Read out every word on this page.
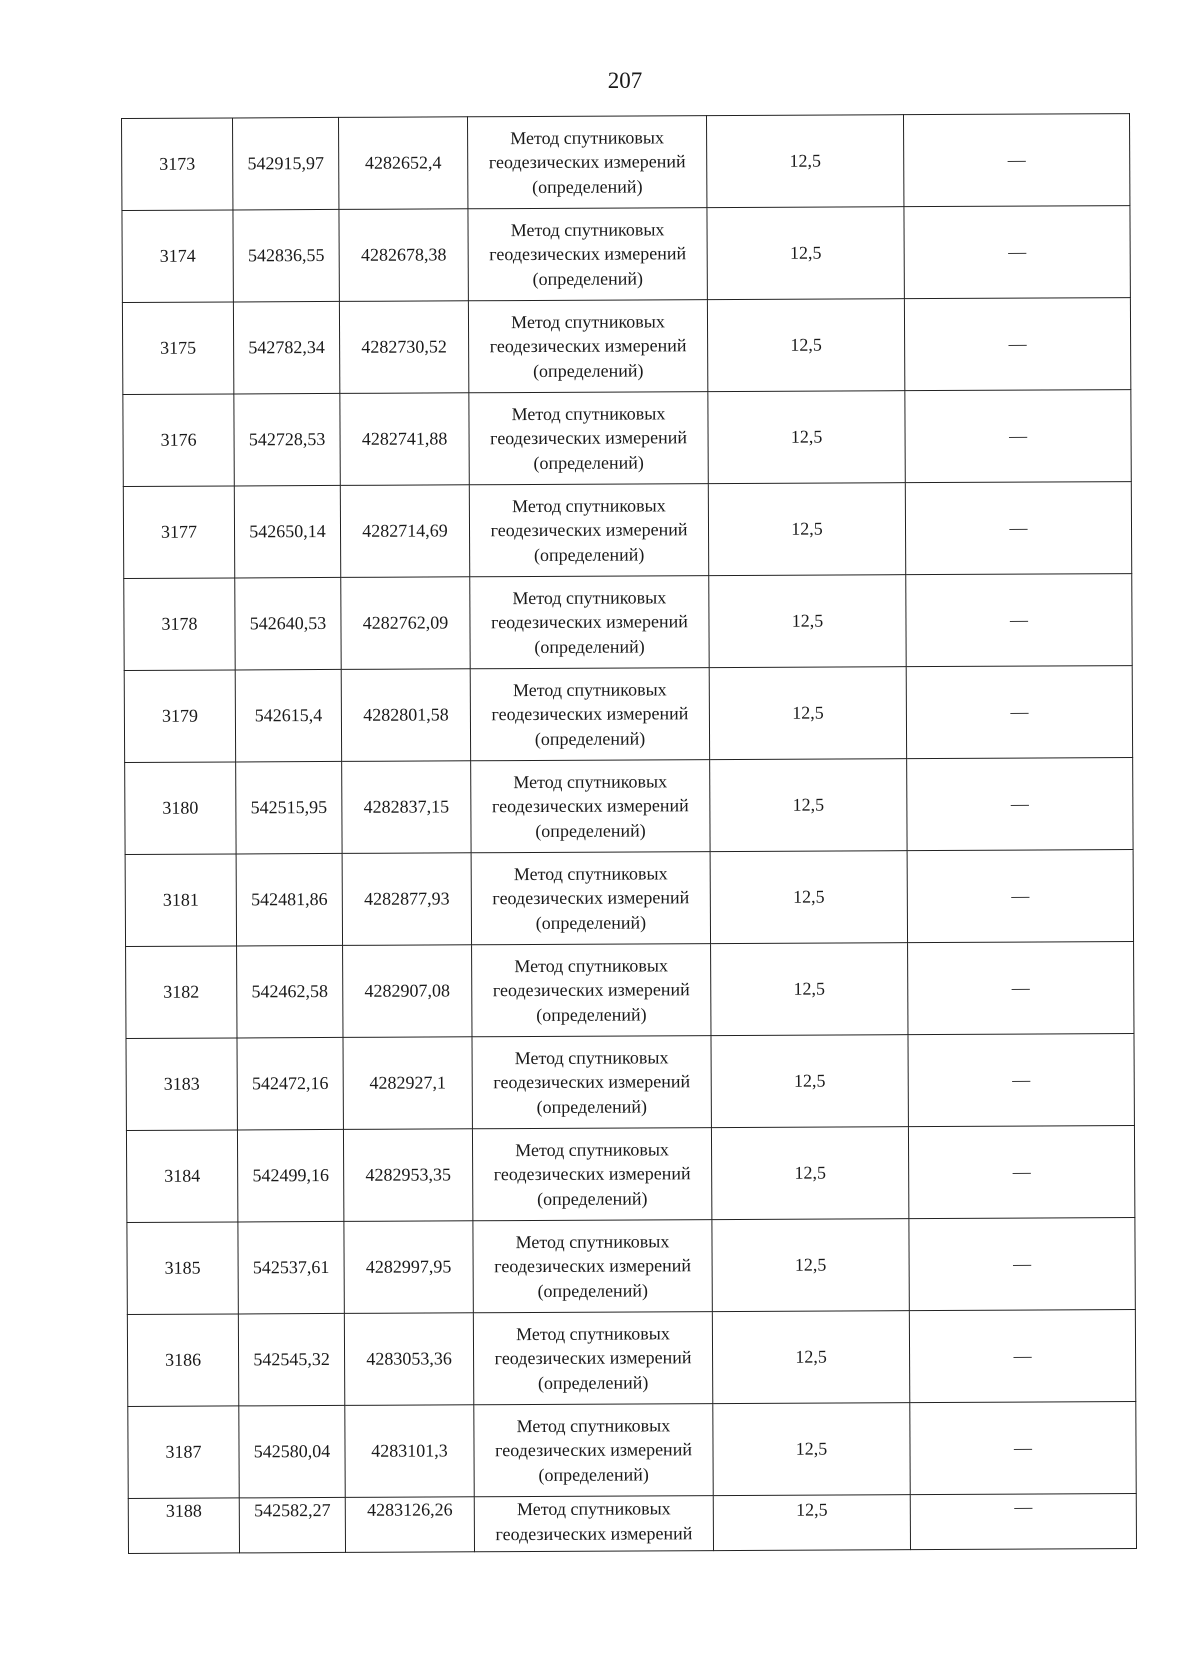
207
3173	542915,97	4282652,4	Метод спутниковых
геодезических измерений
(определений)	12,5	—
3174	542836,55	4282678,38	Метод спутниковых
геодезических измерений
(определений)	12,5	—
3175	542782,34	4282730,52	Метод спутниковых
геодезических измерений
(определений)	12,5	—
3176	542728,53	4282741,88	Метод спутниковых
геодезических измерений
(определений)	12,5	—
3177	542650,14	4282714,69	Метод спутниковых
геодезических измерений
(определений)	12,5	—
3178	542640,53	4282762,09	Метод спутниковых
геодезических измерений
(определений)	12,5	—
3179	542615,4	4282801,58	Метод спутниковых
геодезических измерений
(определений)	12,5	—
3180	542515,95	4282837,15	Метод спутниковых
геодезических измерений
(определений)	12,5	—
3181	542481,86	4282877,93	Метод спутниковых
геодезических измерений
(определений)	12,5	—
3182	542462,58	4282907,08	Метод спутниковых
геодезических измерений
(определений)	12,5	—
3183	542472,16	4282927,1	Метод спутниковых
геодезических измерений
(определений)	12,5	—
3184	542499,16	4282953,35	Метод спутниковых
геодезических измерений
(определений)	12,5	—
3185	542537,61	4282997,95	Метод спутниковых
геодезических измерений
(определений)	12,5	—
3186	542545,32	4283053,36	Метод спутниковых
геодезических измерений
(определений)	12,5	—
3187	542580,04	4283101,3	Метод спутниковых
геодезических измерений
(определений)	12,5	—
3188	542582,27	4283126,26	Метод спутниковых
геодезических измерений	12,5	—
